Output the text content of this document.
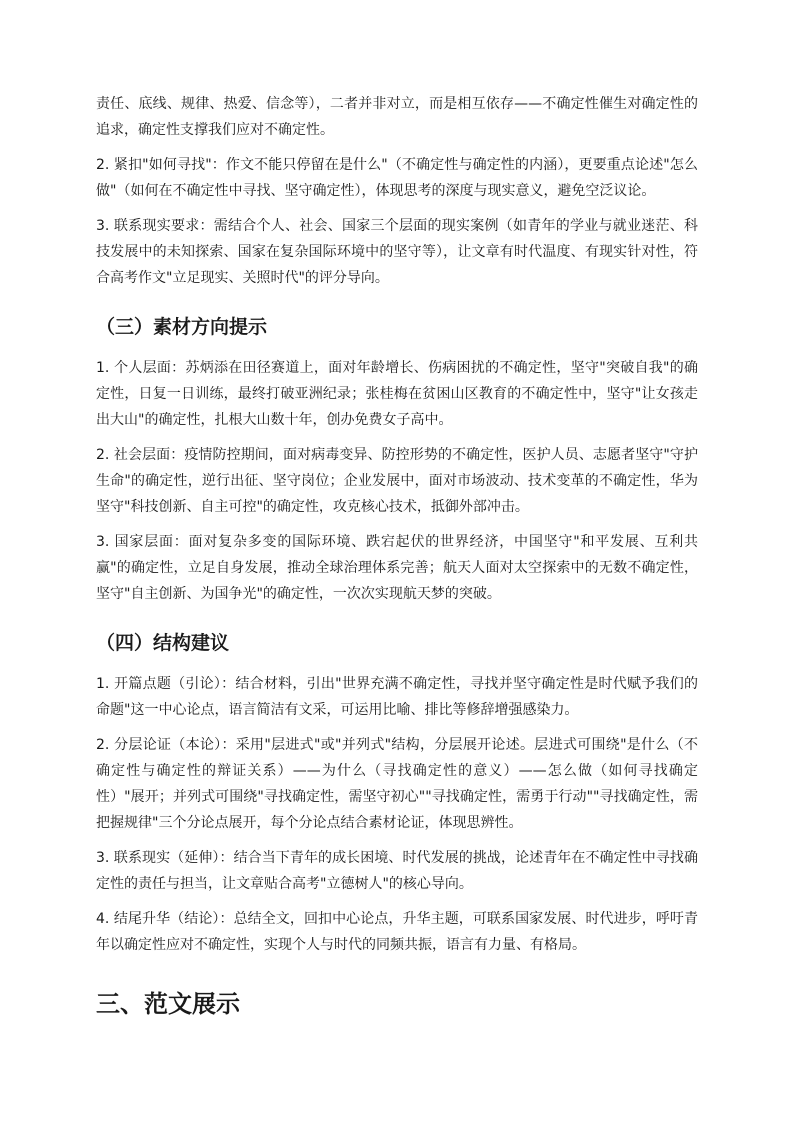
责任、底线、规律、热爱、信念等），二者并非对立，而是相互依存——不确定性催生对确定性的追求，确定性支撑我们应对不确定性。

2. 紧扣"如何寻找"：作文不能只停留在是什么"（不确定性与确定性的内涵），更要重点论述"怎么做"（如何在不确定性中寻找、坚守确定性），体现思考的深度与现实意义，避免空泛议论。

3. 联系现实要求：需结合个人、社会、国家三个层面的现实案例（如青年的学业与就业迷茫、科技发展中的未知探索、国家在复杂国际环境中的坚守等），让文章有时代温度、有现实针对性，符合高考作文"立足现实、关照时代"的评分导向。

（三）素材方向提示

1. 个人层面：苏炳添在田径赛道上，面对年龄增长、伤病困扰的不确定性，坚守"突破自我"的确定性，日复一日训练，最终打破亚洲纪录；张桂梅在贫困山区教育的不确定性中，坚守"让女孩走出大山"的确定性，扎根大山数十年，创办免费女子高中。

2. 社会层面：疫情防控期间，面对病毒变异、防控形势的不确定性，医护人员、志愿者坚守"守护生命"的确定性，逆行出征、坚守岗位；企业发展中，面对市场波动、技术变革的不确定性，华为坚守"科技创新、自主可控"的确定性，攻克核心技术，抵御外部冲击。

3. 国家层面：面对复杂多变的国际环境、跌宕起伏的世界经济，中国坚守"和平发展、互利共赢"的确定性，立足自身发展，推动全球治理体系完善；航天人面对太空探索中的无数不确定性，坚守"自主创新、为国争光"的确定性，一次次实现航天梦的突破。

（四）结构建议

1. 开篇点题（引论）：结合材料，引出"世界充满不确定性，寻找并坚守确定性是时代赋予我们的命题"这一中心论点，语言简洁有文采，可运用比喻、排比等修辞增强感染力。

2. 分层论证（本论）：采用"层进式"或"并列式"结构，分层展开论述。层进式可围绕"是什么（不确定性与确定性的辩证关系）——为什么（寻找确定性的意义）——怎么做（如何寻找确定性）"展开；并列式可围绕"寻找确定性，需坚守初心""寻找确定性，需勇于行动""寻找确定性，需把握规律"三个分论点展开，每个分论点结合素材论证，体现思辨性。

3. 联系现实（延伸）：结合当下青年的成长困境、时代发展的挑战，论述青年在不确定性中寻找确定性的责任与担当，让文章贴合高考"立德树人"的核心导向。

4. 结尾升华（结论）：总结全文，回扣中心论点，升华主题，可联系国家发展、时代进步，呼吁青年以确定性应对不确定性，实现个人与时代的同频共振，语言有力量、有格局。

三、范文展示
